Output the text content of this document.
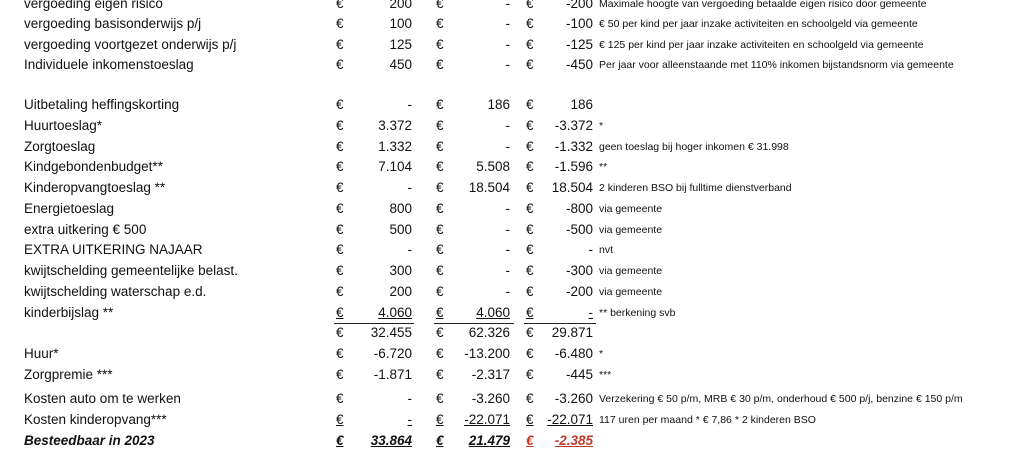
vergoeding eigen risico	€	200 €	- €	-200 Maximale hoogte van vergoeding betaalde eigen risico door gemeente
vergoeding basisonderwijs p/j	€	100 €	- €	-100 € 50 per kind per jaar inzake activiteiten en schoolgeld via gemeente
vergoeding voortgezet onderwijs p/j	€	125 €	- €	-125 € 125 per kind per jaar inzake activiteiten en schoolgeld via gemeente
Individuele inkomenstoeslag	€	450 €	- €	-450 Per jaar voor alleenstaande met 110% inkomen bijstandsnorm via gemeente
Uitbetaling heffingskorting	€	- €	186 €	186
Huurtoeslag*	€	3.372 €	- €	-3.372 *
Zorgtoeslag	€	1.332 €	- €	-1.332 geen toeslag bij hoger inkomen € 31.998
Kindgebondenbudget**	€	7.104 €	5.508 €	-1.596 **
Kinderopvangtoeslag **	€	- €	18.504 €	18.504 2 kinderen BSO bij fulltime dienstverband
Energietoeslag	€	800 €	- €	-800 via gemeente
extra uitkering € 500	€	500 €	- €	-500 via gemeente
EXTRA UITKERING NAJAAR	€	- €	- €	- nvt
kwijtschelding gemeentelijke belast.	€	300 €	- €	-300 via gemeente
kwijtschelding waterschap e.d.	€	200 €	- €	-200 via gemeente
kinderbijslag **	€	4.060 €	4.060 €	- ** berkening svb
€	32.455 €	62.326 €	29.871
Huur*	€	-6.720 €	-13.200 €	-6.480 *
Zorgpremie ***	€	-1.871 €	-2.317 €	-445 ***
Kosten auto om te werken	€	- €	-3.260 €	-3.260 Verzekering € 50 p/m, MRB € 30 p/m, onderhoud € 500 p/j, benzine € 150 p/m
Kosten kinderopvang***	€	- €	-22.071 €	-22.071 117 uren per maand * € 7,86 * 2 kinderen BSO
Besteedbaar in 2023	€	33.864 €	21.479 €	-2.385
